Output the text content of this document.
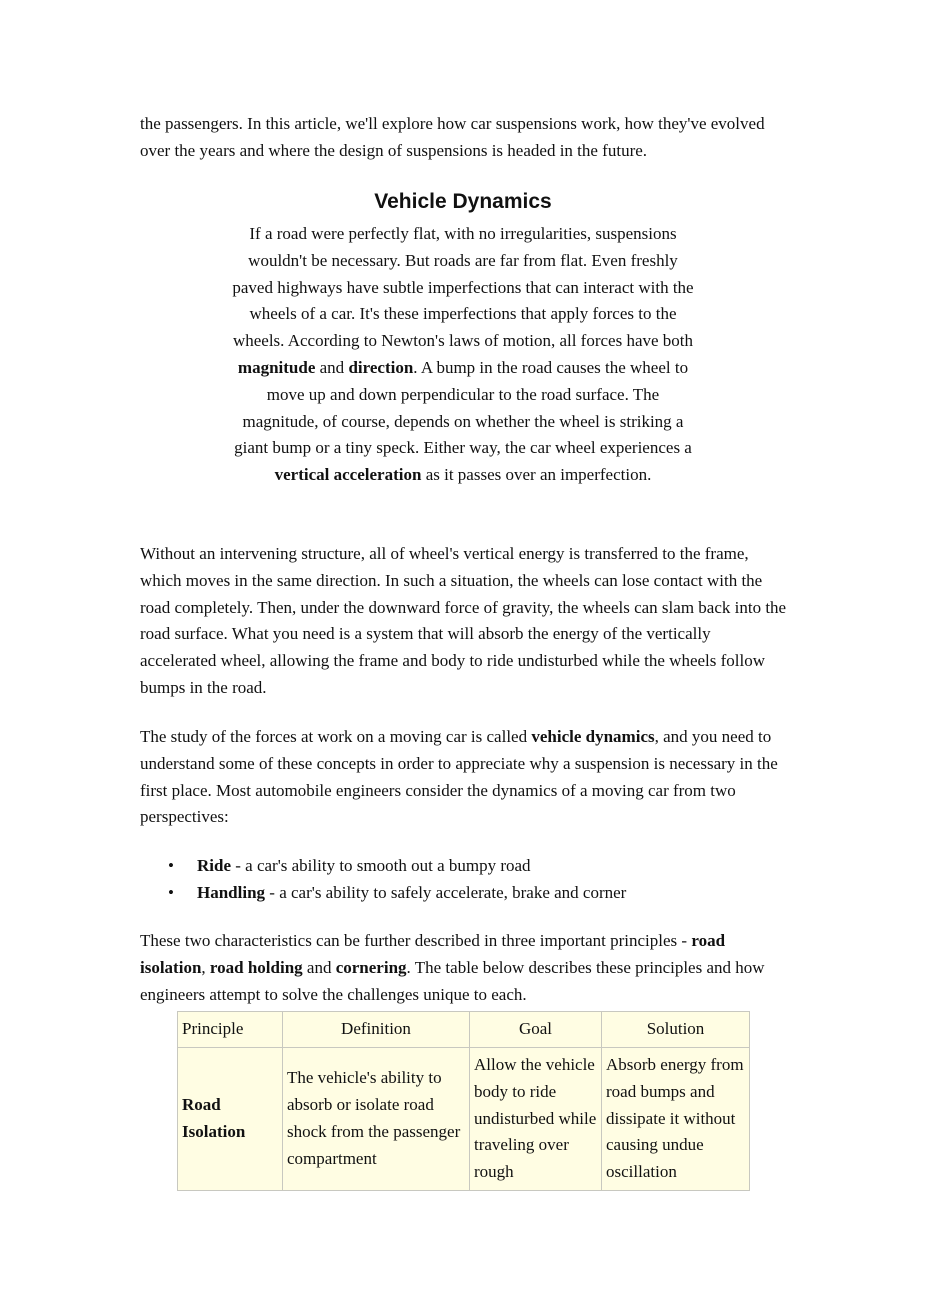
the passengers. In this article, we'll explore how car suspensions work, how they've evolved over the years and where the design of suspensions is headed in the future.

Vehicle Dynamics

If a road were perfectly flat, with no irregularities, suspensions wouldn't be necessary. But roads are far from flat. Even freshly paved highways have subtle imperfections that can interact with the wheels of a car. It's these imperfections that apply forces to the wheels. According to Newton's laws of motion, all forces have both magnitude and direction. A bump in the road causes the wheel to move up and down perpendicular to the road surface. The magnitude, of course, depends on whether the wheel is striking a giant bump or a tiny speck. Either way, the car wheel experiences a vertical acceleration as it passes over an imperfection.

Without an intervening structure, all of wheel's vertical energy is transferred to the frame, which moves in the same direction. In such a situation, the wheels can lose contact with the road completely. Then, under the downward force of gravity, the wheels can slam back into the road surface. What you need is a system that will absorb the energy of the vertically accelerated wheel, allowing the frame and body to ride undisturbed while the wheels follow bumps in the road.

The study of the forces at work on a moving car is called vehicle dynamics, and you need to understand some of these concepts in order to appreciate why a suspension is necessary in the first place. Most automobile engineers consider the dynamics of a moving car from two perspectives:

• Ride - a car's ability to smooth out a bumpy road
• Handling - a car's ability to safely accelerate, brake and corner

These two characteristics can be further described in three important principles - road isolation, road holding and cornering. The table below describes these principles and how engineers attempt to solve the challenges unique to each.

Principle	Definition	Goal	Solution
Road Isolation	The vehicle's ability to absorb or isolate road shock from the passenger compartment	Allow the vehicle body to ride undisturbed while traveling over rough	Absorb energy from road bumps and dissipate it without causing undue oscillation
